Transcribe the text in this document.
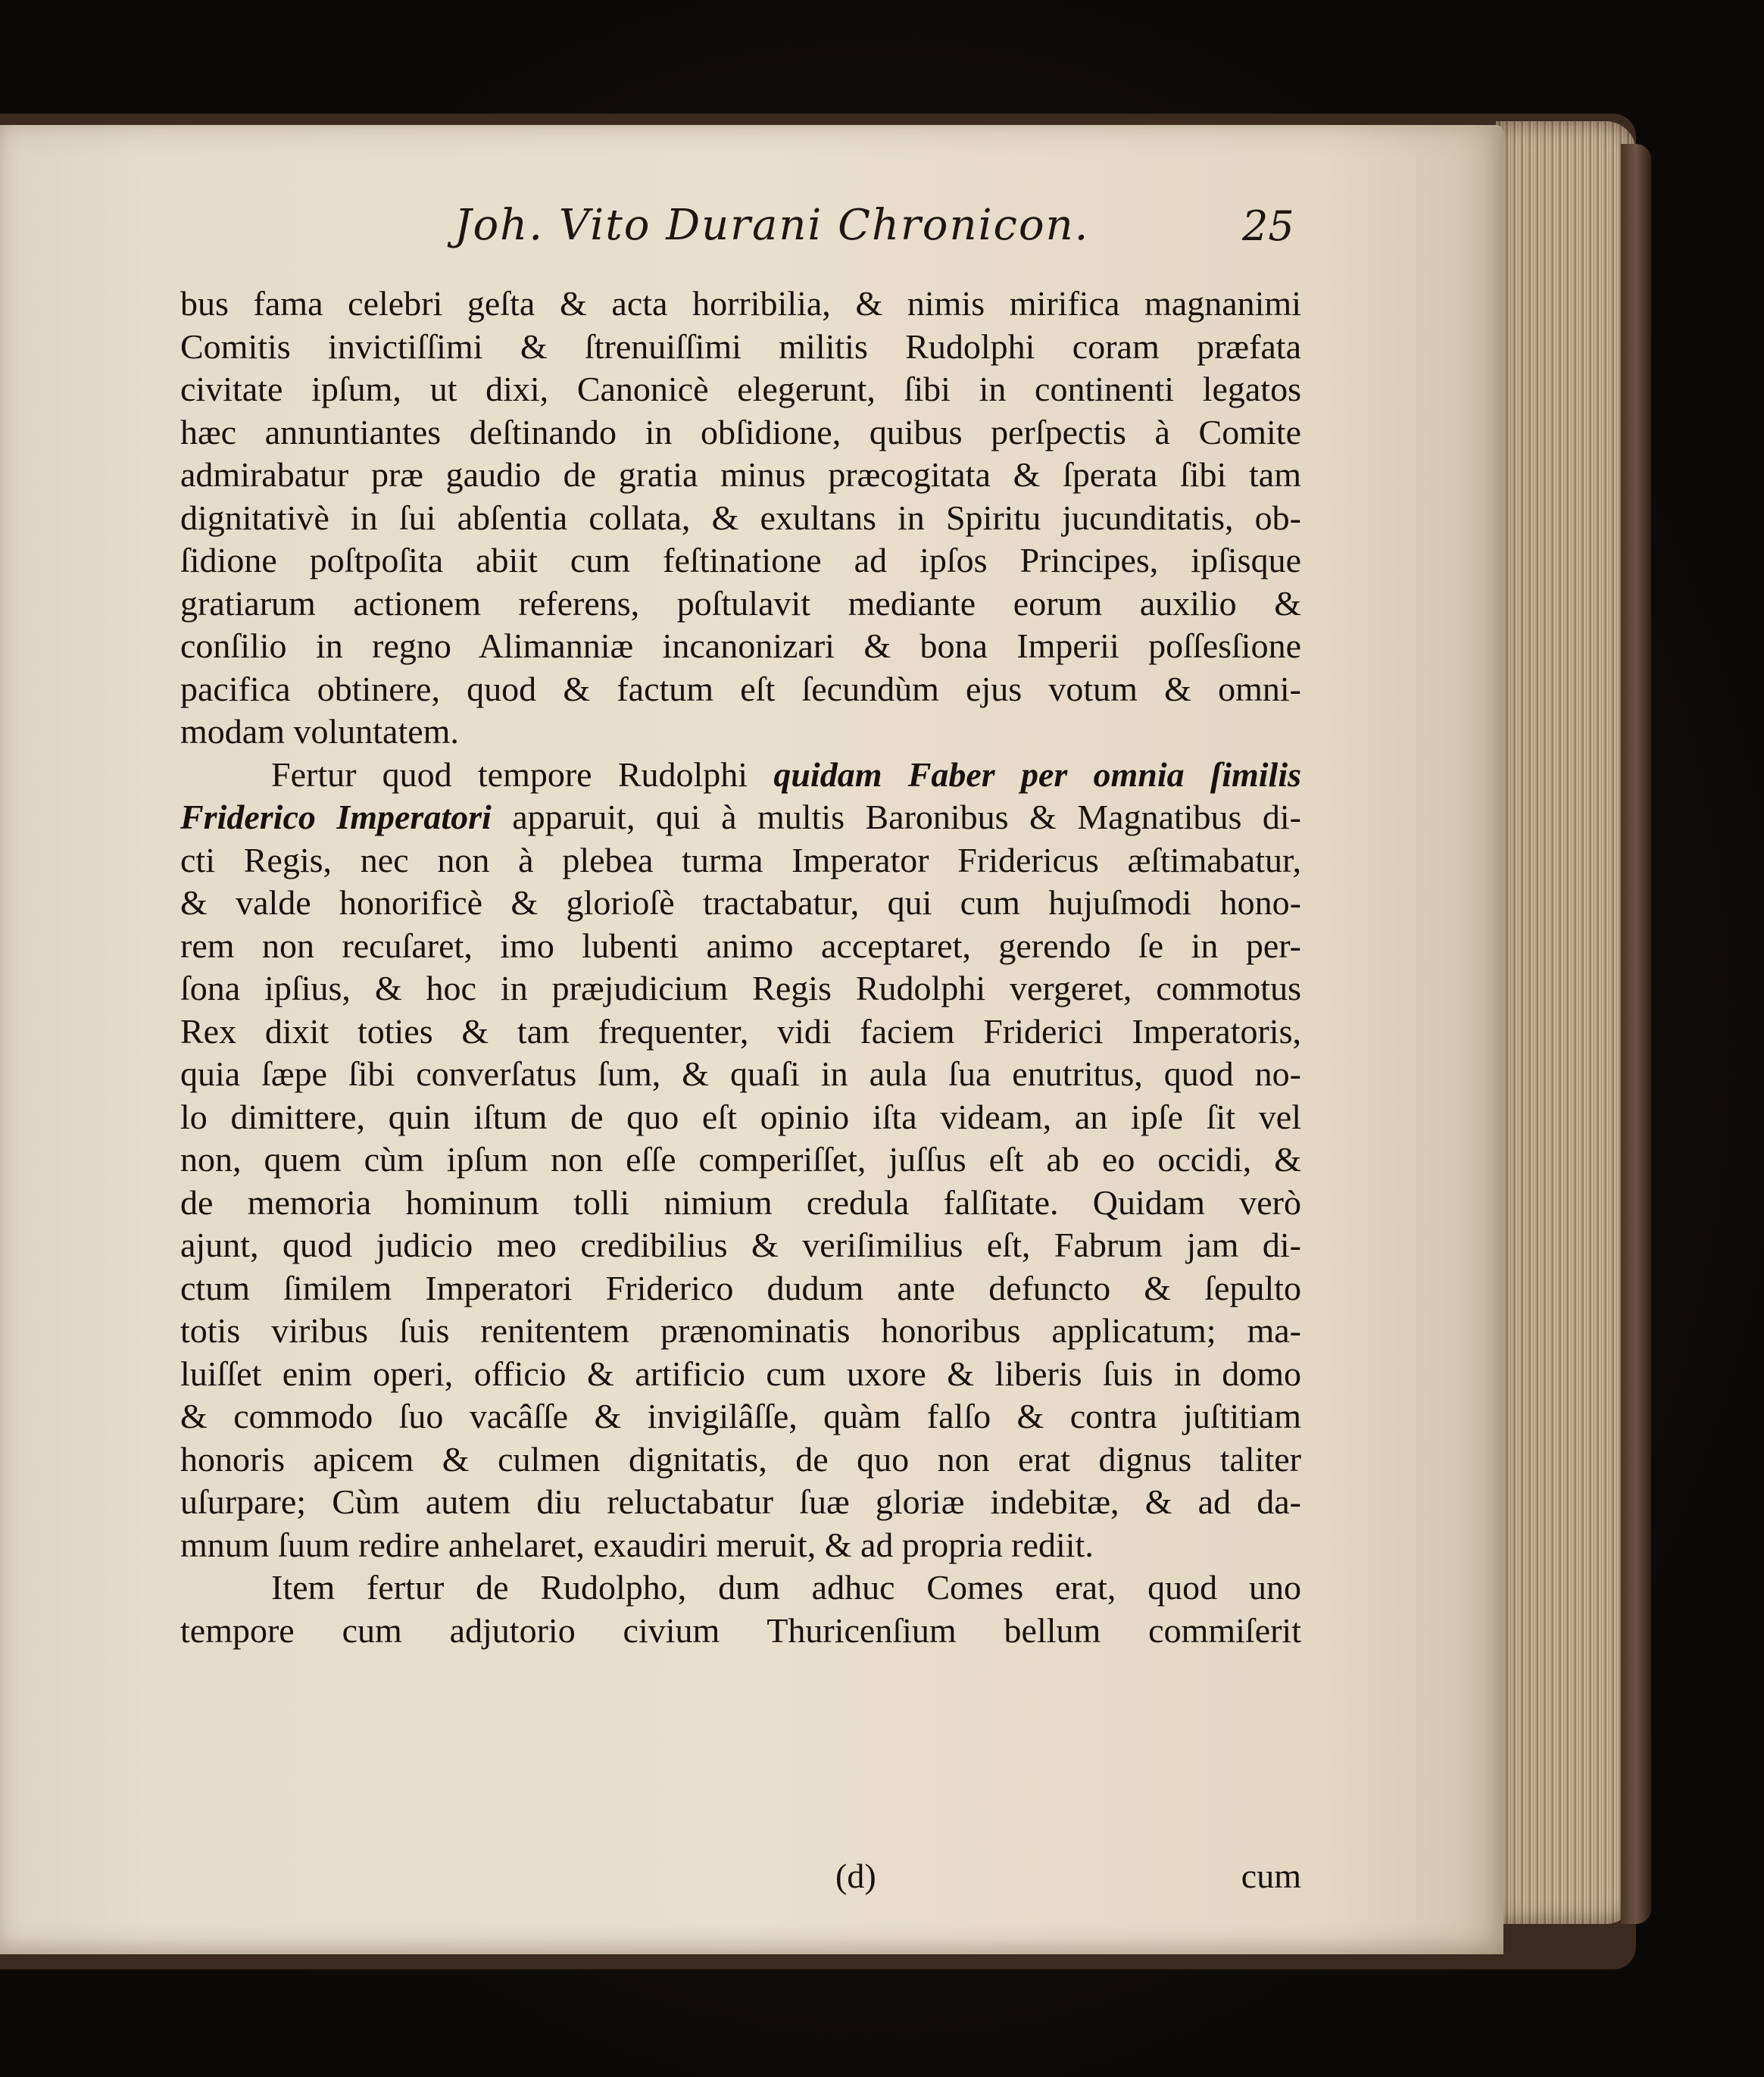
Joh. Vito Durani Chronicon.	25
bus fama celebri geſta & acta horribilia, & nimis mirifica magnanimi
Comitis invictiſſimi & ſtrenuiſſimi militis Rudolphi coram præfata
civitate ipſum, ut dixi, Canonicè elegerunt, ſibi in continenti legatos
hæc annuntiantes deſtinando in obſidione, quibus perſpectis à Comite
admirabatur præ gaudio de gratia minus præcogitata & ſperata ſibi tam
dignitativè in ſui abſentia collata, & exultans in Spiritu jucunditatis, ob-
ſidione poſtpoſita abiit cum feſtinatione ad ipſos Principes, ipſisque
gratiarum actionem referens, poſtulavit mediante eorum auxilio &
conſilio in regno Alimanniæ incanonizari & bona Imperii poſſesſione
pacifica obtinere, quod & factum eſt ſecundùm ejus votum & omni-
modam voluntatem.
Fertur quod tempore Rudolphi quidam Faber per omnia ſimilis
Friderico Imperatori apparuit, qui à multis Baronibus & Magnatibus di-
cti Regis, nec non à plebea turma Imperator Fridericus æſtimabatur,
& valde honorificè & glorioſè tractabatur, qui cum hujuſmodi hono-
rem non recuſaret, imo lubenti animo acceptaret, gerendo ſe in per-
ſona ipſius, & hoc in præjudicium Regis Rudolphi vergeret, commotus
Rex dixit toties & tam frequenter, vidi faciem Friderici Imperatoris,
quia ſæpe ſibi converſatus ſum, & quaſi in aula ſua enutritus, quod no-
lo dimittere, quin iſtum de quo eſt opinio iſta videam, an ipſe ſit vel
non, quem cùm ipſum non eſſe comperiſſet, juſſus eſt ab eo occidi, &
de memoria hominum tolli nimium credula falſitate. Quidam verò
ajunt, quod judicio meo credibilius & veriſimilius eſt, Fabrum jam di-
ctum ſimilem Imperatori Friderico dudum ante defuncto & ſepulto
totis viribus ſuis renitentem prænominatis honoribus applicatum; ma-
luiſſet enim operi, officio & artificio cum uxore & liberis ſuis in domo
& commodo ſuo vacâſſe & invigilâſſe, quàm falſo & contra juſtitiam
honoris apicem & culmen dignitatis, de quo non erat dignus taliter
uſurpare; Cùm autem diu reluctabatur ſuæ gloriæ indebitæ, & ad da-
mnum ſuum redire anhelaret, exaudiri meruit, & ad propria rediit.
Item fertur de Rudolpho, dum adhuc Comes erat, quod uno
tempore cum adjutorio civium Thuricenſium bellum commiſerit
(d)	cum
